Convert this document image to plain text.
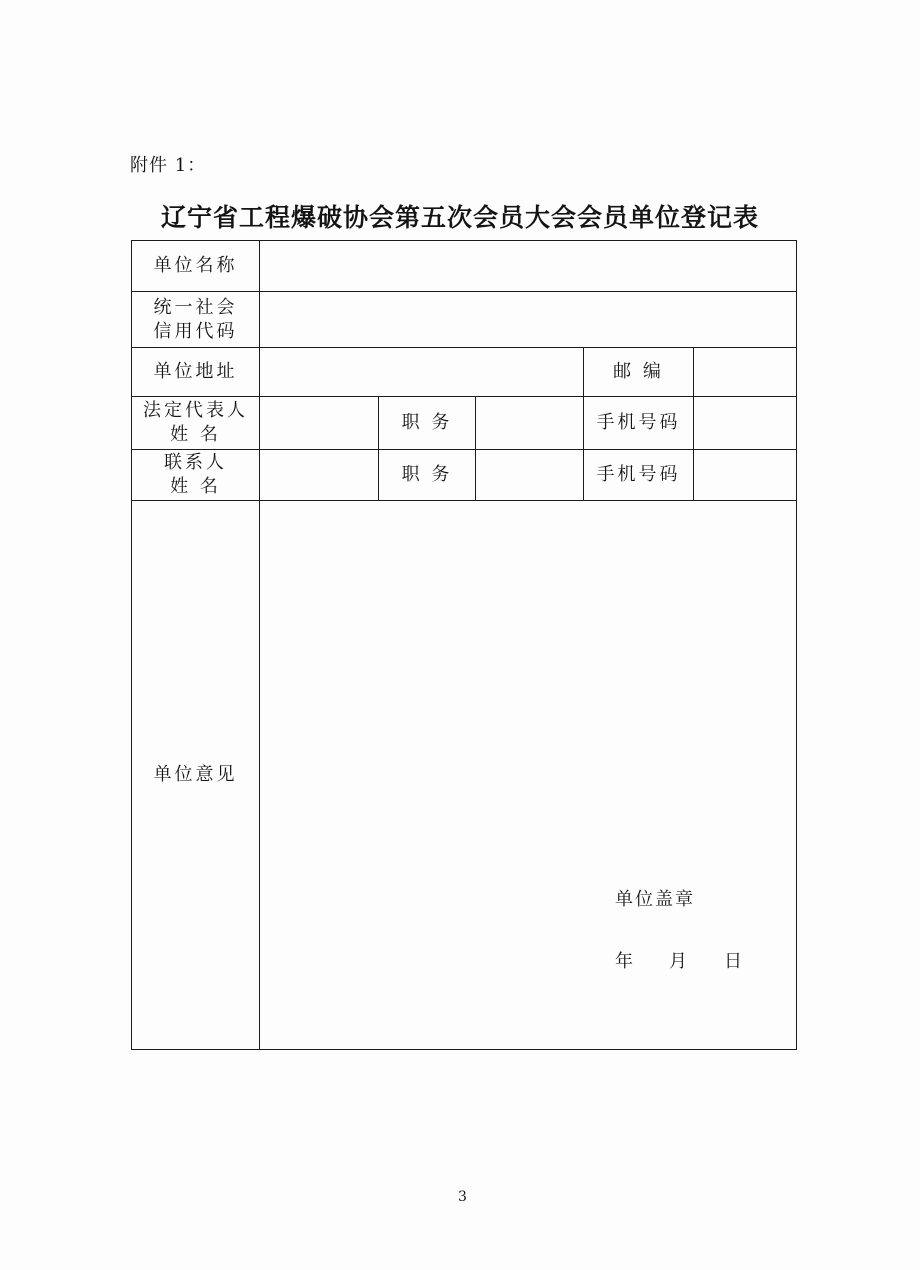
附件 1：
辽宁省工程爆破协会第五次会员大会会员单位登记表
单位名称					

统一社会
信用代码					

单位地址				邮 编	

法定代表人
姓 名		职 务		手机号码	

联系人
姓 名		职 务		手机号码	

单位意见	单位盖章
年 月 日				
3
